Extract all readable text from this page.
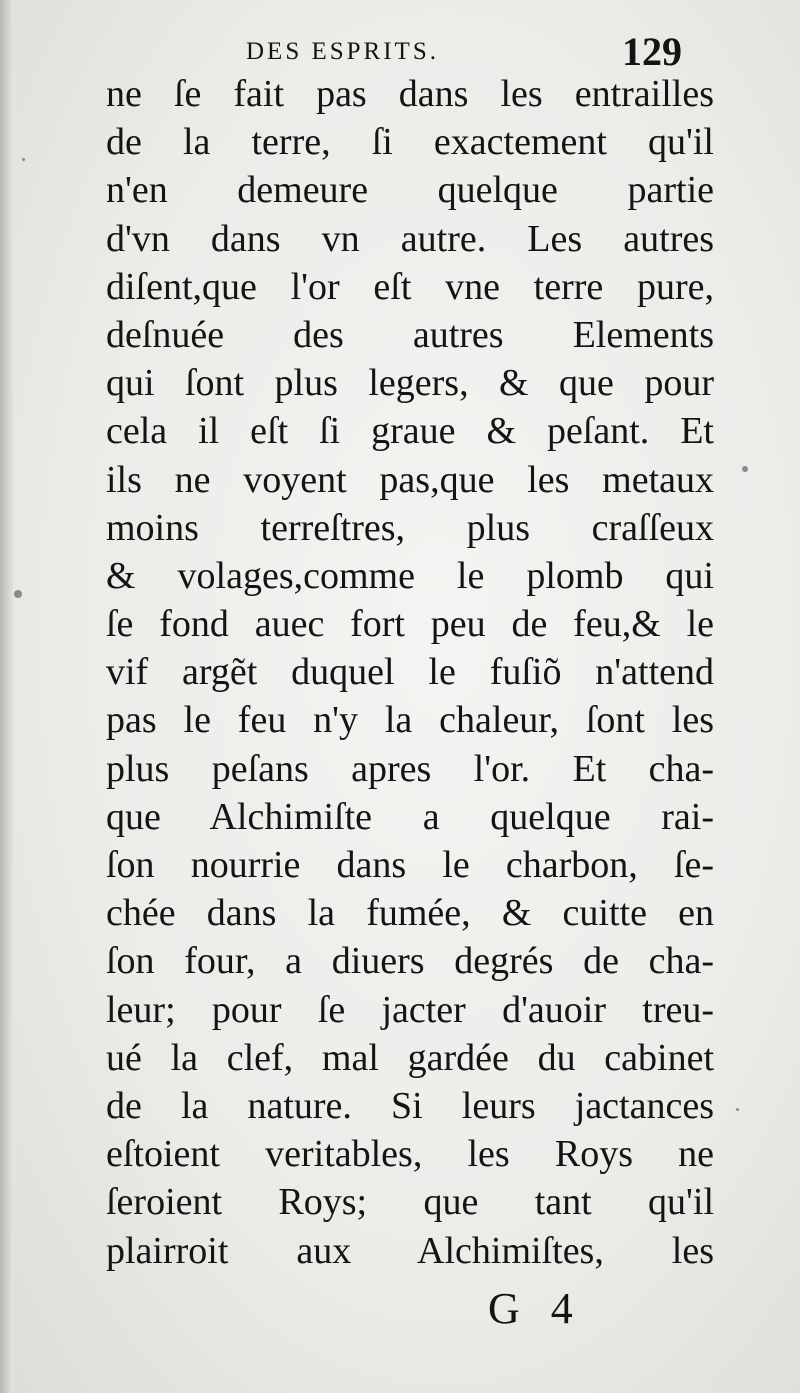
DES ESPRITS.	129
ne ſe fait pas dans les entrailles
de la terre, ſi exactement qu'il
n'en demeure quelque partie
d'vn dans vn autre. Les autres
diſent,que l'or eſt vne terre pure,
deſnuée des autres Elements
qui ſont plus legers, & que pour
cela il eſt ſi graue & peſant. Et
ils ne voyent pas,que les metaux
moins terreſtres, plus craſſeux
& volages,comme le plomb qui
ſe fond auec fort peu de feu,& le
vif argẽt duquel le fuſiõ n'attend
pas le feu n'y la chaleur, ſont les
plus peſans apres l'or. Et cha-
que Alchimiſte a quelque rai-
ſon nourrie dans le charbon, ſe-
chée dans la fumée, & cuitte en
ſon four, a diuers degrés de cha-
leur; pour ſe jacter d'auoir treu-
ué la clef, mal gardée du cabinet
de la nature. Si leurs jactances
eſtoient veritables, les Roys ne
ſeroient Roys; que tant qu'il
plairroit aux Alchimiſtes, les
G 4
